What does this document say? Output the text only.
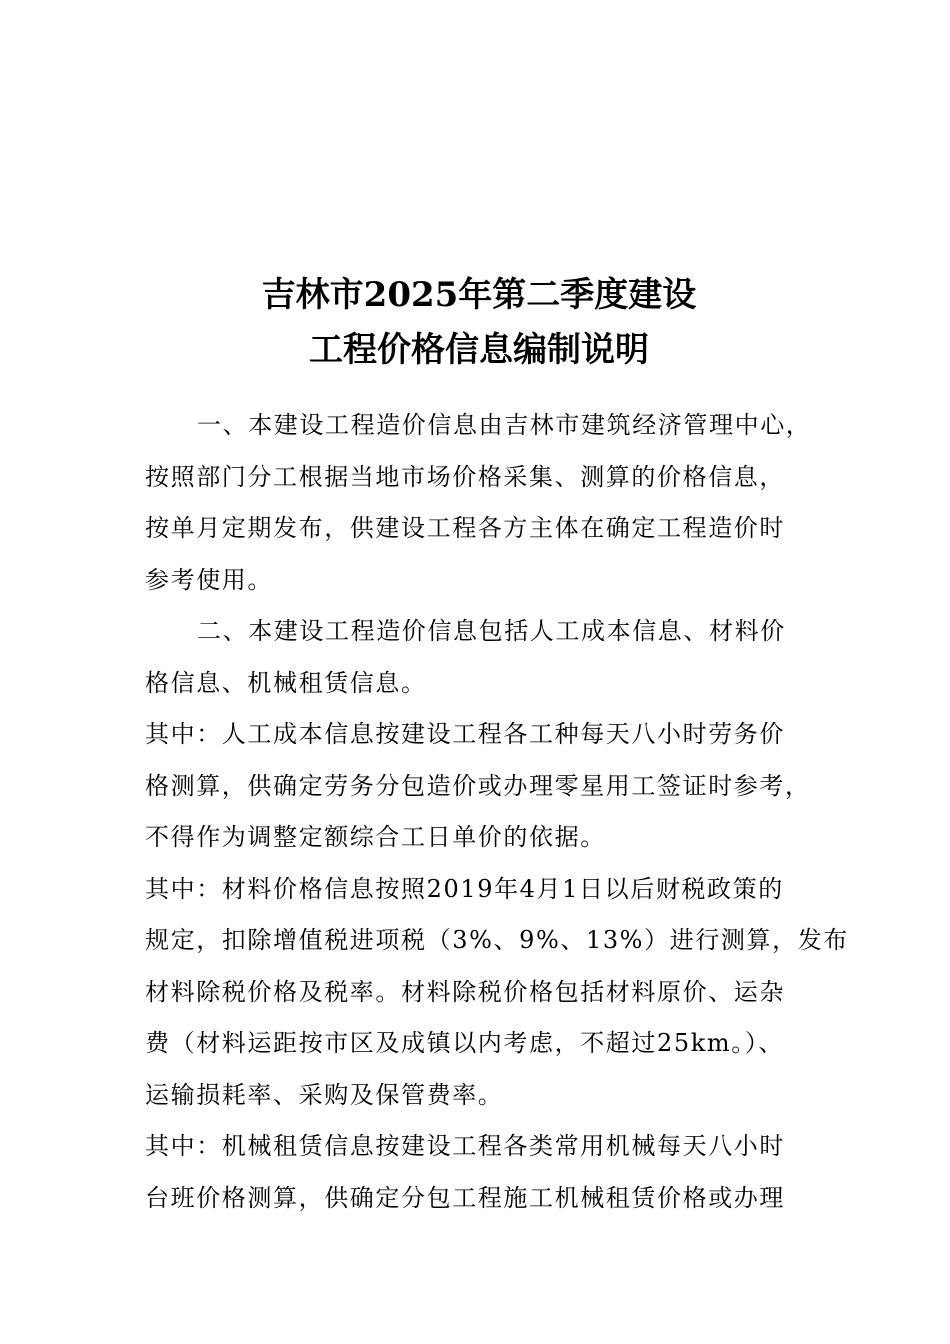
吉林市2025年第二季度建设
工程价格信息编制说明

一、本建设工程造价信息由吉林市建筑经济管理中心，
按照部门分工根据当地市场价格采集、测算的价格信息，
按单月定期发布，供建设工程各方主体在确定工程造价时
参考使用。

二、本建设工程造价信息包括人工成本信息、材料价
格信息、机械租赁信息。

其中：人工成本信息按建设工程各工种每天八小时劳务价
格测算，供确定劳务分包造价或办理零星用工签证时参考，
不得作为调整定额综合工日单价的依据。

其中：材料价格信息按照2019年4月1日以后财税政策的
规定，扣除增值税进项税（3%、9%、13%）进行测算，发布
材料除税价格及税率。材料除税价格包括材料原价、运杂
费（材料运距按市区及成镇以内考虑，不超过25km。）、
运输损耗率、采购及保管费率。

其中：机械租赁信息按建设工程各类常用机械每天八小时
台班价格测算，供确定分包工程施工机械租赁价格或办理
